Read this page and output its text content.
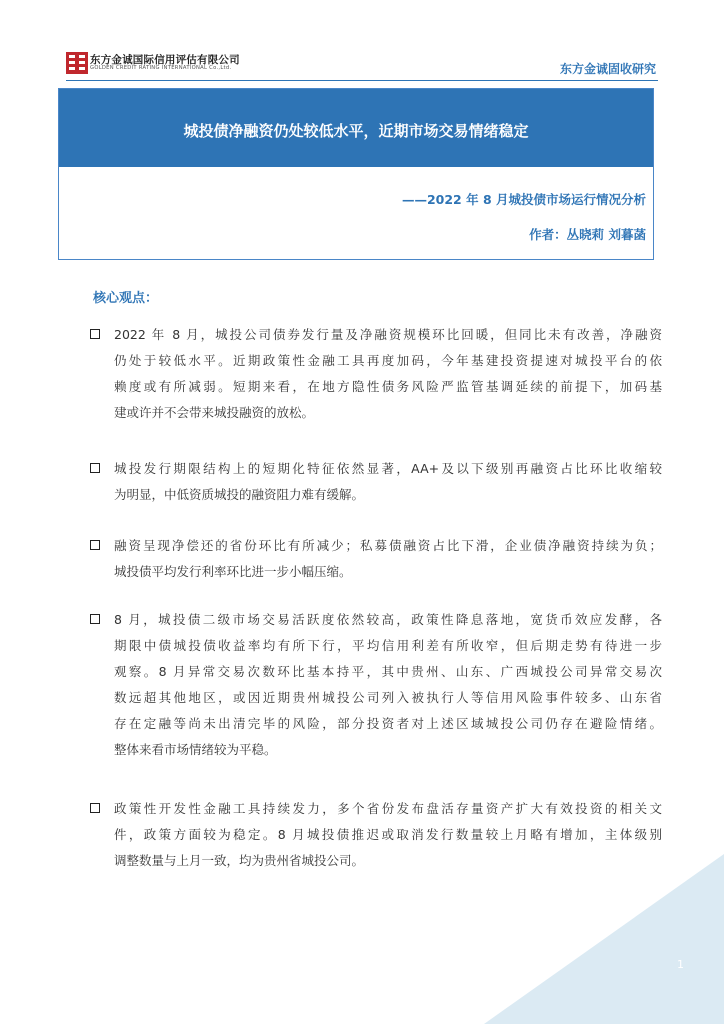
东方金诚国际信用评估有限公司
GOLDEN CREDIT RATING INTERNATIONAL Co.,Ltd.	东方金诚固收研究
城投债净融资仍处较低水平，近期市场交易情绪稳定
——2022 年 8 月城投债市场运行情况分析
作者：丛晓莉 刘暮菡
核心观点：
2022 年 8 月，城投公司债券发行量及净融资规模环比回暖，但同比未有改善，净融资
仍处于较低水平。近期政策性金融工具再度加码，今年基建投资提速对城投平台的依
赖度或有所减弱。短期来看，在地方隐性债务风险严监管基调延续的前提下，加码基
建或许并不会带来城投融资的放松。
城投发行期限结构上的短期化特征依然显著，AA+及以下级别再融资占比环比收缩较
为明显，中低资质城投的融资阻力难有缓解。
融资呈现净偿还的省份环比有所减少；私募债融资占比下滑，企业债净融资持续为负；
城投债平均发行利率环比进一步小幅压缩。
8 月，城投债二级市场交易活跃度依然较高，政策性降息落地，宽货币效应发酵，各
期限中债城投债收益率均有所下行，平均信用利差有所收窄，但后期走势有待进一步
观察。8 月异常交易次数环比基本持平，其中贵州、山东、广西城投公司异常交易次
数远超其他地区，或因近期贵州城投公司列入被执行人等信用风险事件较多、山东省
存在定融等尚未出清完毕的风险，部分投资者对上述区域城投公司仍存在避险情绪。
整体来看市场情绪较为平稳。
政策性开发性金融工具持续发力，多个省份发布盘活存量资产扩大有效投资的相关文
件，政策方面较为稳定。8 月城投债推迟或取消发行数量较上月略有增加，主体级别
调整数量与上月一致，均为贵州省城投公司。
1
